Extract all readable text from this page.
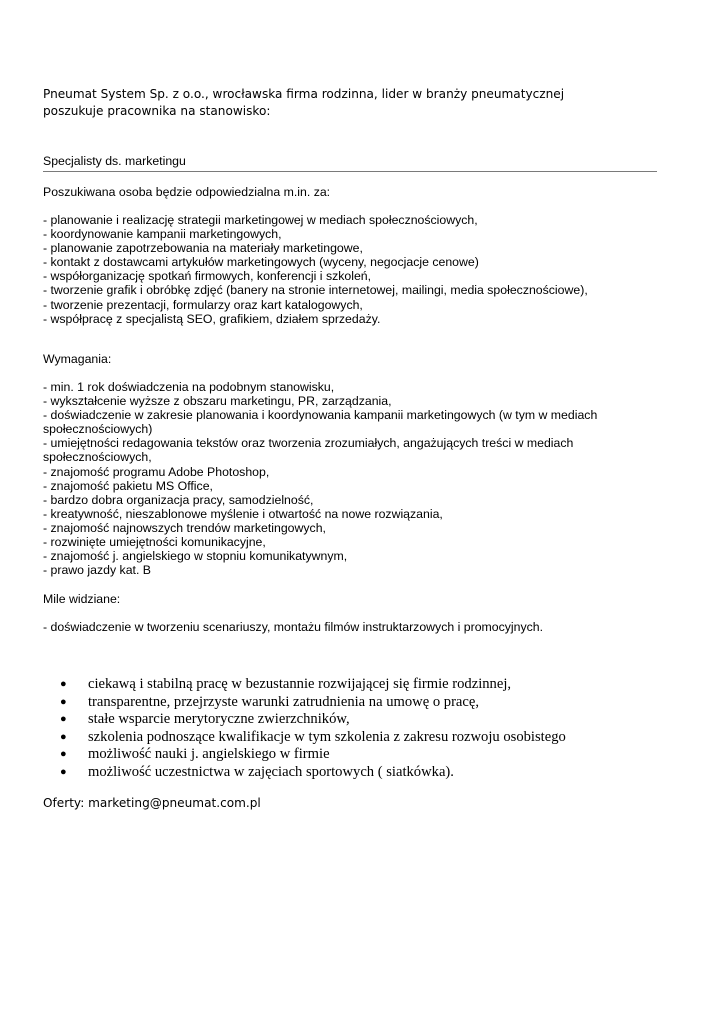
Pneumat System Sp. z o.o., wrocławska firma rodzinna, lider w branży pneumatycznej
poszukuje pracownika na stanowisko:
Specjalisty ds. marketingu
Poszukiwana osoba będzie odpowiedzialna m.in. za:
- planowanie i realizację strategii marketingowej w mediach społecznościowych,
- koordynowanie kampanii marketingowych,
- planowanie zapotrzebowania na materiały marketingowe,
- kontakt z dostawcami artykułów marketingowych (wyceny, negocjacje cenowe)
- współorganizację spotkań firmowych, konferencji i szkoleń,
- tworzenie grafik i obróbkę zdjęć (banery na stronie internetowej, mailingi, media społecznościowe),
- tworzenie prezentacji, formularzy oraz kart katalogowych,
- współpracę z specjalistą SEO, grafikiem, działem sprzedaży.
Wymagania:
- min. 1 rok doświadczenia na podobnym stanowisku,
- wykształcenie wyższe z obszaru marketingu, PR, zarządzania,
- doświadczenie w zakresie planowania i koordynowania kampanii marketingowych (w tym w mediach
społecznościowych)
- umiejętności redagowania tekstów oraz tworzenia zrozumiałych, angażujących treści w mediach
społecznościowych,
- znajomość programu Adobe Photoshop,
- znajomość pakietu MS Office,
- bardzo dobra organizacja pracy, samodzielność,
- kreatywność, nieszablonowe myślenie i otwartość na nowe rozwiązania,
- znajomość najnowszych trendów marketingowych,
- rozwinięte umiejętności komunikacyjne,
- znajomość j. angielskiego w stopniu komunikatywnym,
- prawo jazdy kat. B
Mile widziane:
- doświadczenie w tworzeniu scenariuszy, montażu filmów instruktarzowych i promocyjnych.
● ciekawą i stabilną pracę w bezustannie rozwijającej się firmie rodzinnej,
● transparentne, przejrzyste warunki zatrudnienia na umowę o pracę,
● stałe wsparcie merytoryczne zwierzchników,
● szkolenia podnoszące kwalifikacje w tym szkolenia z zakresu rozwoju osobistego
● możliwość nauki j. angielskiego w firmie
● możliwość uczestnictwa w zajęciach sportowych ( siatkówka).
Oferty: marketing@pneumat.com.pl
